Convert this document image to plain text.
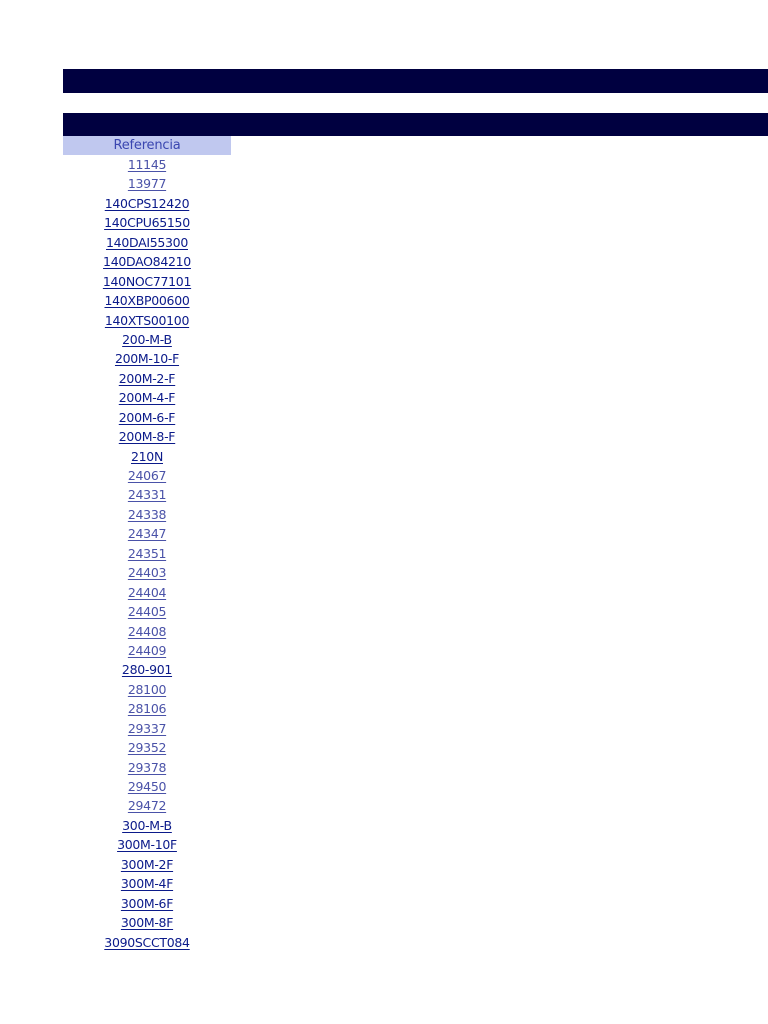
Referencia
11145
13977
140CPS12420
140CPU65150
140DAI55300
140DAO84210
140NOC77101
140XBP00600
140XTS00100
200-M-B
200M-10-F
200M-2-F
200M-4-F
200M-6-F
200M-8-F
210N
24067
24331
24338
24347
24351
24403
24404
24405
24408
24409
280-901
28100
28106
29337
29352
29378
29450
29472
300-M-B
300M-10F
300M-2F
300M-4F
300M-6F
300M-8F
3090SCCT084
